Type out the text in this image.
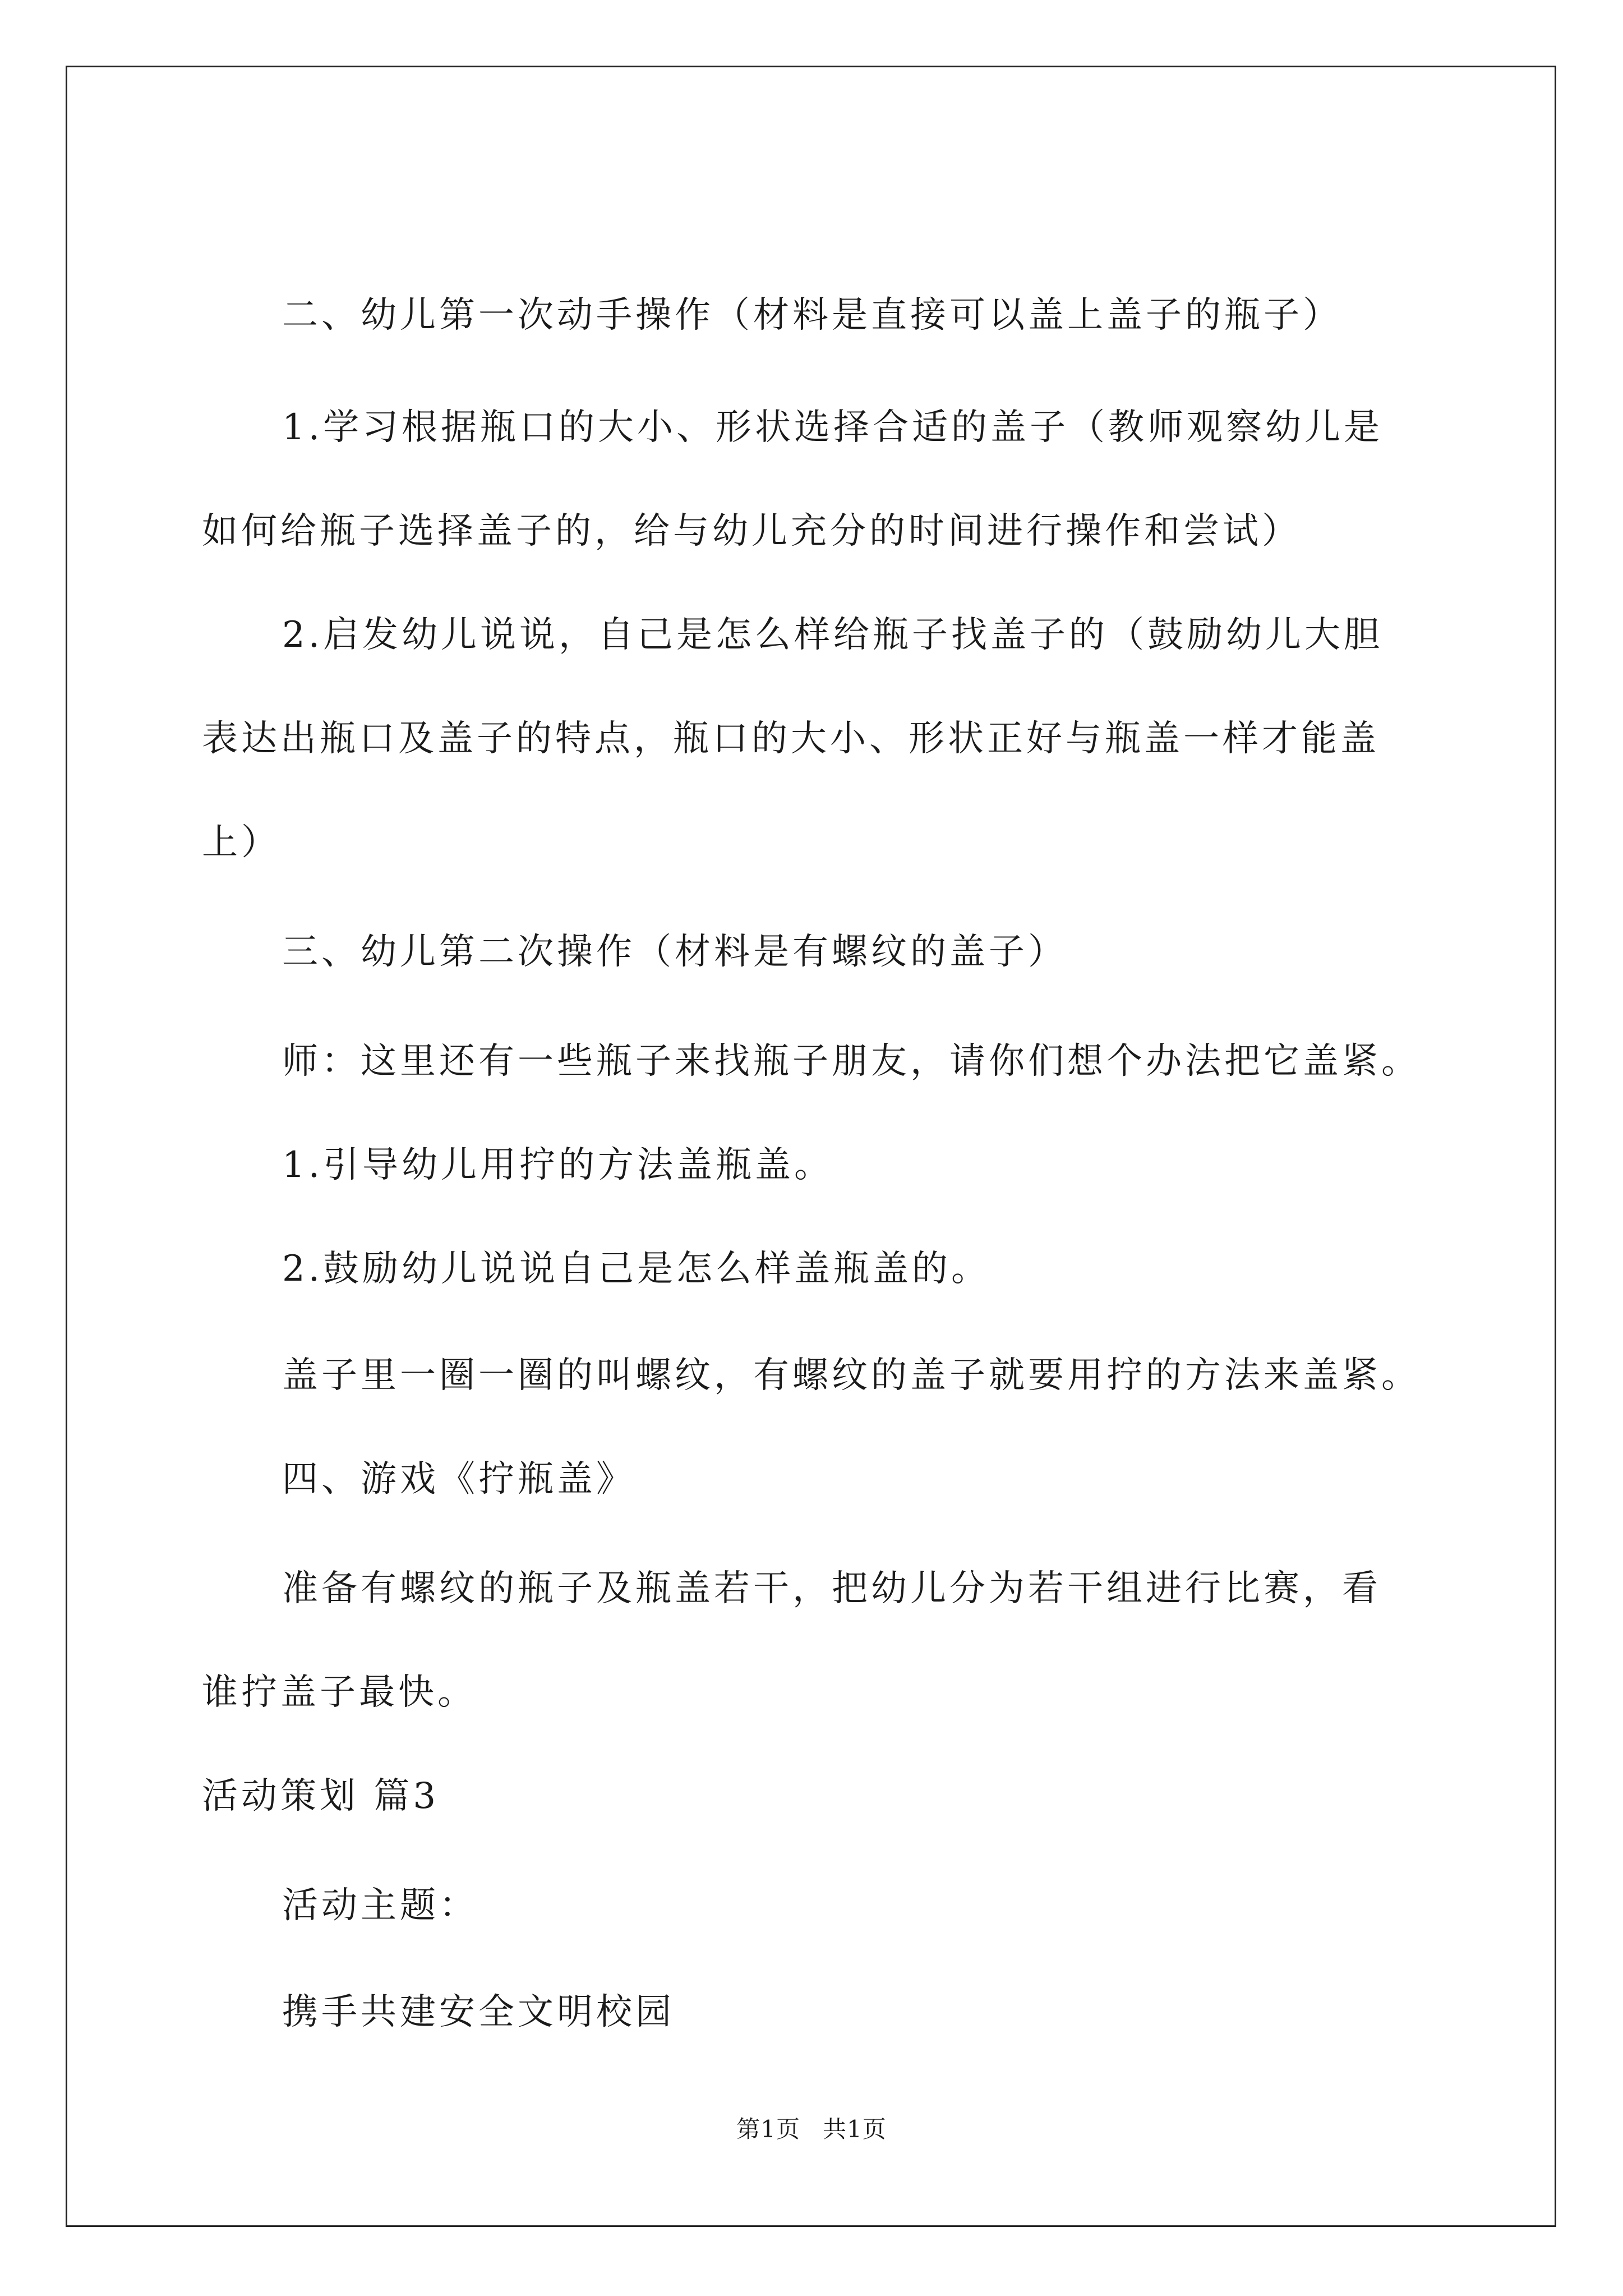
二、幼儿第一次动手操作（材料是直接可以盖上盖子的瓶子）
1.学习根据瓶口的大小、形状选择合适的盖子（教师观察幼儿是
如何给瓶子选择盖子的，给与幼儿充分的时间进行操作和尝试）
2.启发幼儿说说，自己是怎么样给瓶子找盖子的（鼓励幼儿大胆
表达出瓶口及盖子的特点，瓶口的大小、形状正好与瓶盖一样才能盖
上）
三、幼儿第二次操作（材料是有螺纹的盖子）
师：这里还有一些瓶子来找瓶子朋友，请你们想个办法把它盖紧。
1.引导幼儿用拧的方法盖瓶盖。
2.鼓励幼儿说说自己是怎么样盖瓶盖的。
盖子里一圈一圈的叫螺纹，有螺纹的盖子就要用拧的方法来盖紧。
四、游戏《拧瓶盖》
准备有螺纹的瓶子及瓶盖若干，把幼儿分为若干组进行比赛，看
谁拧盖子最快。
活动策划 篇3
活动主题：
携手共建安全文明校园
第1页 共1页
